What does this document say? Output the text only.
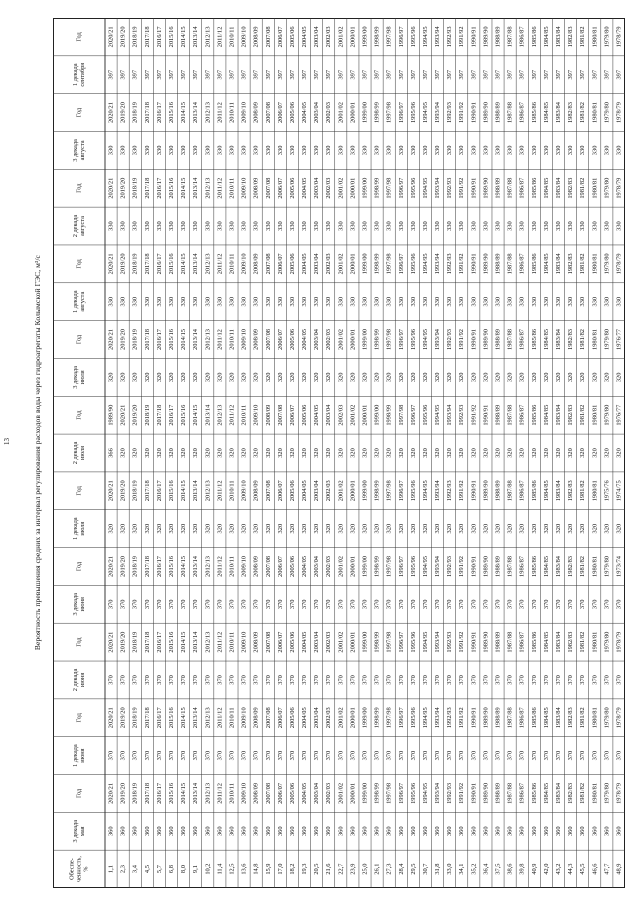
13	Вероятность превышения средних за интервал регулирования расходов воды через гидроагрегаты Колымской ГЭС, м³/с
Обеспе- ченность, %
3 декада мая
Год
1 декада июня
Год
2 декада июня
Год
3 декада июня
Год
1 декада июля
Год
2 декада июля
Год
3 декада июля
Год
1 декада августа
Год
2 декада августа
Год
3 декада августа
Год
1 декада сентября
Год
1,1
360
2020/21
370
2020/21
370
2020/21
370
2020/21
320
2020/21
366
1989/90
320
2020/21
330
2020/21
330
2020/21
330
2020/21
397
2020/21
2,3
360
2019/20
370
2019/20
370
2019/20
370
2019/20
320
2019/20
320
2020/21
320
2019/20
330
2019/20
330
2019/20
330
2019/20
397
2019/20
3,4
360
2018/19
370
2018/19
370
2018/19
370
2018/19
320
2018/19
320
2019/20
320
2018/19
330
2018/19
330
2018/19
330
2018/19
397
2018/19
4,5
360
2017/18
370
2017/18
370
2017/18
370
2017/18
320
2017/18
320
2018/19
320
2017/18
330
2017/18
330
2017/18
330
2017/18
397
2017/18
5,7
360
2016/17
370
2016/17
370
2016/17
370
2016/17
320
2016/17
320
2017/18
320
2016/17
330
2016/17
330
2016/17
330
2016/17
397
2016/17
6,8
360
2015/16
370
2015/16
370
2015/16
370
2015/16
320
2015/16
320
2016/17
320
2015/16
330
2015/16
330
2015/16
330
2015/16
397
2015/16
8,0
360
2014/15
370
2014/15
370
2014/15
370
2014/15
320
2014/15
320
2015/16
320
2014/15
330
2014/15
330
2014/15
330
2014/15
397
2014/15
9,1
360
2013/14
370
2013/14
370
2013/14
370
2013/14
320
2013/14
320
2014/15
320
2013/14
330
2013/14
330
2013/14
330
2013/14
397
2013/14
10,2
360
2012/13
370
2012/13
370
2012/13
370
2012/13
320
2012/13
320
2013/14
320
2012/13
330
2012/13
330
2012/13
330
2012/13
397
2012/13
11,4
360
2011/12
370
2011/12
370
2011/12
370
2011/12
320
2011/12
320
2012/13
320
2011/12
330
2011/12
330
2011/12
330
2011/12
397
2011/12
12,5
360
2010/11
370
2010/11
370
2010/11
370
2010/11
320
2010/11
320
2011/12
320
2010/11
330
2010/11
330
2010/11
330
2010/11
397
2010/11
13,6
360
2009/10
370
2009/10
370
2009/10
370
2009/10
320
2009/10
320
2010/11
320
2009/10
330
2009/10
330
2009/10
330
2009/10
397
2009/10
14,8
360
2008/09
370
2008/09
370
2008/09
370
2008/09
320
2008/09
320
2009/10
320
2008/09
330
2008/09
330
2008/09
330
2008/09
397
2008/09
15,9
360
2007/08
370
2007/08
370
2007/08
370
2007/08
320
2007/08
320
2008/09
320
2007/08
330
2007/08
330
2007/08
330
2007/08
397
2007/08
17,0
360
2006/07
370
2006/07
370
2006/07
370
2006/07
320
2006/07
320
2007/08
320
2006/07
330
2006/07
330
2006/07
330
2006/07
397
2006/07
18,2
360
2005/06
370
2005/06
370
2005/06
370
2005/06
320
2005/06
320
2006/07
320
2005/06
330
2005/06
330
2005/06
330
2005/06
397
2005/06
19,3
360
2004/05
370
2004/05
370
2004/05
370
2004/05
320
2004/05
320
2005/06
320
2004/05
330
2004/05
330
2004/05
330
2004/05
397
2004/05
20,5
360
2003/04
370
2003/04
370
2003/04
370
2003/04
320
2003/04
320
2004/05
320
2003/04
330
2003/04
330
2003/04
330
2003/04
397
2003/04
21,6
360
2002/03
370
2002/03
370
2002/03
370
2002/03
320
2002/03
320
2003/04
320
2002/03
330
2002/03
330
2002/03
330
2002/03
397
2002/03
22,7
360
2001/02
370
2001/02
370
2001/02
370
2001/02
320
2001/02
320
2002/03
320
2001/02
330
2001/02
330
2001/02
330
2001/02
397
2001/02
23,9
360
2000/01
370
2000/01
370
2000/01
370
2000/01
320
2000/01
320
2001/02
320
2000/01
330
2000/01
330
2000/01
330
2000/01
397
2000/01
25,0
360
1999/00
370
1999/00
370
1999/00
370
1999/00
320
1999/00
320
2000/01
320
1999/00
330
1999/00
330
1999/00
330
1999/00
397
1999/00
26,1
360
1998/99
370
1998/99
370
1998/99
370
1998/99
320
1998/99
320
1999/00
320
1998/99
330
1998/99
330
1998/99
330
1998/99
397
1998/99
27,3
360
1997/98
370
1997/98
370
1997/98
370
1997/98
320
1997/98
320
1998/99
320
1997/98
330
1997/98
330
1997/98
330
1997/98
397
1997/98
28,4
360
1996/97
370
1996/97
370
1996/97
370
1996/97
320
1996/97
320
1997/98
320
1996/97
330
1996/97
330
1996/97
330
1996/97
397
1996/97
29,5
360
1995/96
370
1995/96
370
1995/96
370
1995/96
320
1995/96
320
1996/97
320
1995/96
330
1995/96
330
1995/96
330
1995/96
397
1995/96
30,7
360
1994/95
370
1994/95
370
1994/95
370
1994/95
320
1994/95
320
1995/96
320
1994/95
330
1994/95
330
1994/95
330
1994/95
397
1994/95
31,8
360
1993/94
370
1993/94
370
1993/94
370
1993/94
320
1993/94
320
1994/95
320
1993/94
330
1993/94
330
1993/94
330
1993/94
397
1993/94
33,0
360
1992/93
370
1992/93
370
1992/93
370
1992/93
320
1992/93
320
1993/94
320
1992/93
330
1992/93
330
1992/93
330
1992/93
397
1992/93
34,1
360
1991/92
370
1991/92
370
1991/92
370
1991/92
320
1991/92
320
1992/93
320
1991/92
330
1991/92
330
1991/92
330
1991/92
397
1991/92
35,2
360
1990/91
370
1990/91
370
1990/91
370
1990/91
320
1990/91
320
1991/92
320
1990/91
330
1990/91
330
1990/91
330
1990/91
397
1990/91
36,4
360
1989/90
370
1989/90
370
1989/90
370
1989/90
320
1989/90
320
1990/91
320
1989/90
330
1989/90
330
1989/90
330
1989/90
397
1989/90
37,5
360
1988/89
370
1988/89
370
1988/89
370
1988/89
320
1988/89
320
1988/89
320
1988/89
330
1988/89
330
1988/89
330
1988/89
397
1988/89
38,6
360
1987/88
370
1987/88
370
1987/88
370
1987/88
320
1987/88
320
1987/88
320
1987/88
330
1987/88
330
1987/88
330
1987/88
397
1987/88
39,8
360
1986/87
370
1986/87
370
1986/87
370
1986/87
320
1986/87
320
1986/87
320
1986/87
330
1986/87
330
1986/87
330
1986/87
397
1986/87
40,9
360
1985/86
370
1985/86
370
1985/86
370
1985/86
320
1985/86
320
1985/86
320
1985/86
330
1985/86
330
1985/86
330
1985/86
397
1985/86
42,0
360
1984/85
370
1984/85
370
1984/85
370
1984/85
320
1984/85
320
1984/85
320
1984/85
330
1984/85
330
1984/85
330
1984/85
397
1984/85
43,2
360
1983/84
370
1983/84
370
1983/84
370
1983/84
320
1983/84
320
1983/84
320
1983/84
330
1983/84
330
1983/84
330
1983/84
397
1983/84
44,3
360
1982/83
370
1982/83
370
1982/83
370
1982/83
320
1982/83
320
1982/83
320
1982/83
330
1982/83
330
1982/83
330
1982/83
397
1982/83
45,5
360
1981/82
370
1981/82
370
1981/82
370
1981/82
320
1981/82
320
1981/82
320
1981/82
330
1981/82
330
1981/82
330
1981/82
397
1981/82
46,6
360
1980/81
370
1980/81
370
1980/81
370
1980/81
320
1980/81
320
1980/81
320
1980/81
330
1980/81
330
1980/81
330
1980/81
397
1980/81
47,7
360
1979/80
370
1979/80
370
1979/80
370
1979/80
320
1975/76
320
1979/80
320
1979/80
330
1979/80
330
1979/80
330
1979/80
397
1979/80
48,9
360
1978/79
370
1978/79
370
1978/79
370
1973/74
320
1974/75
320
1976/77
320
1976/77
330
1978/79
330
1978/79
330
1978/79
397
1978/79
